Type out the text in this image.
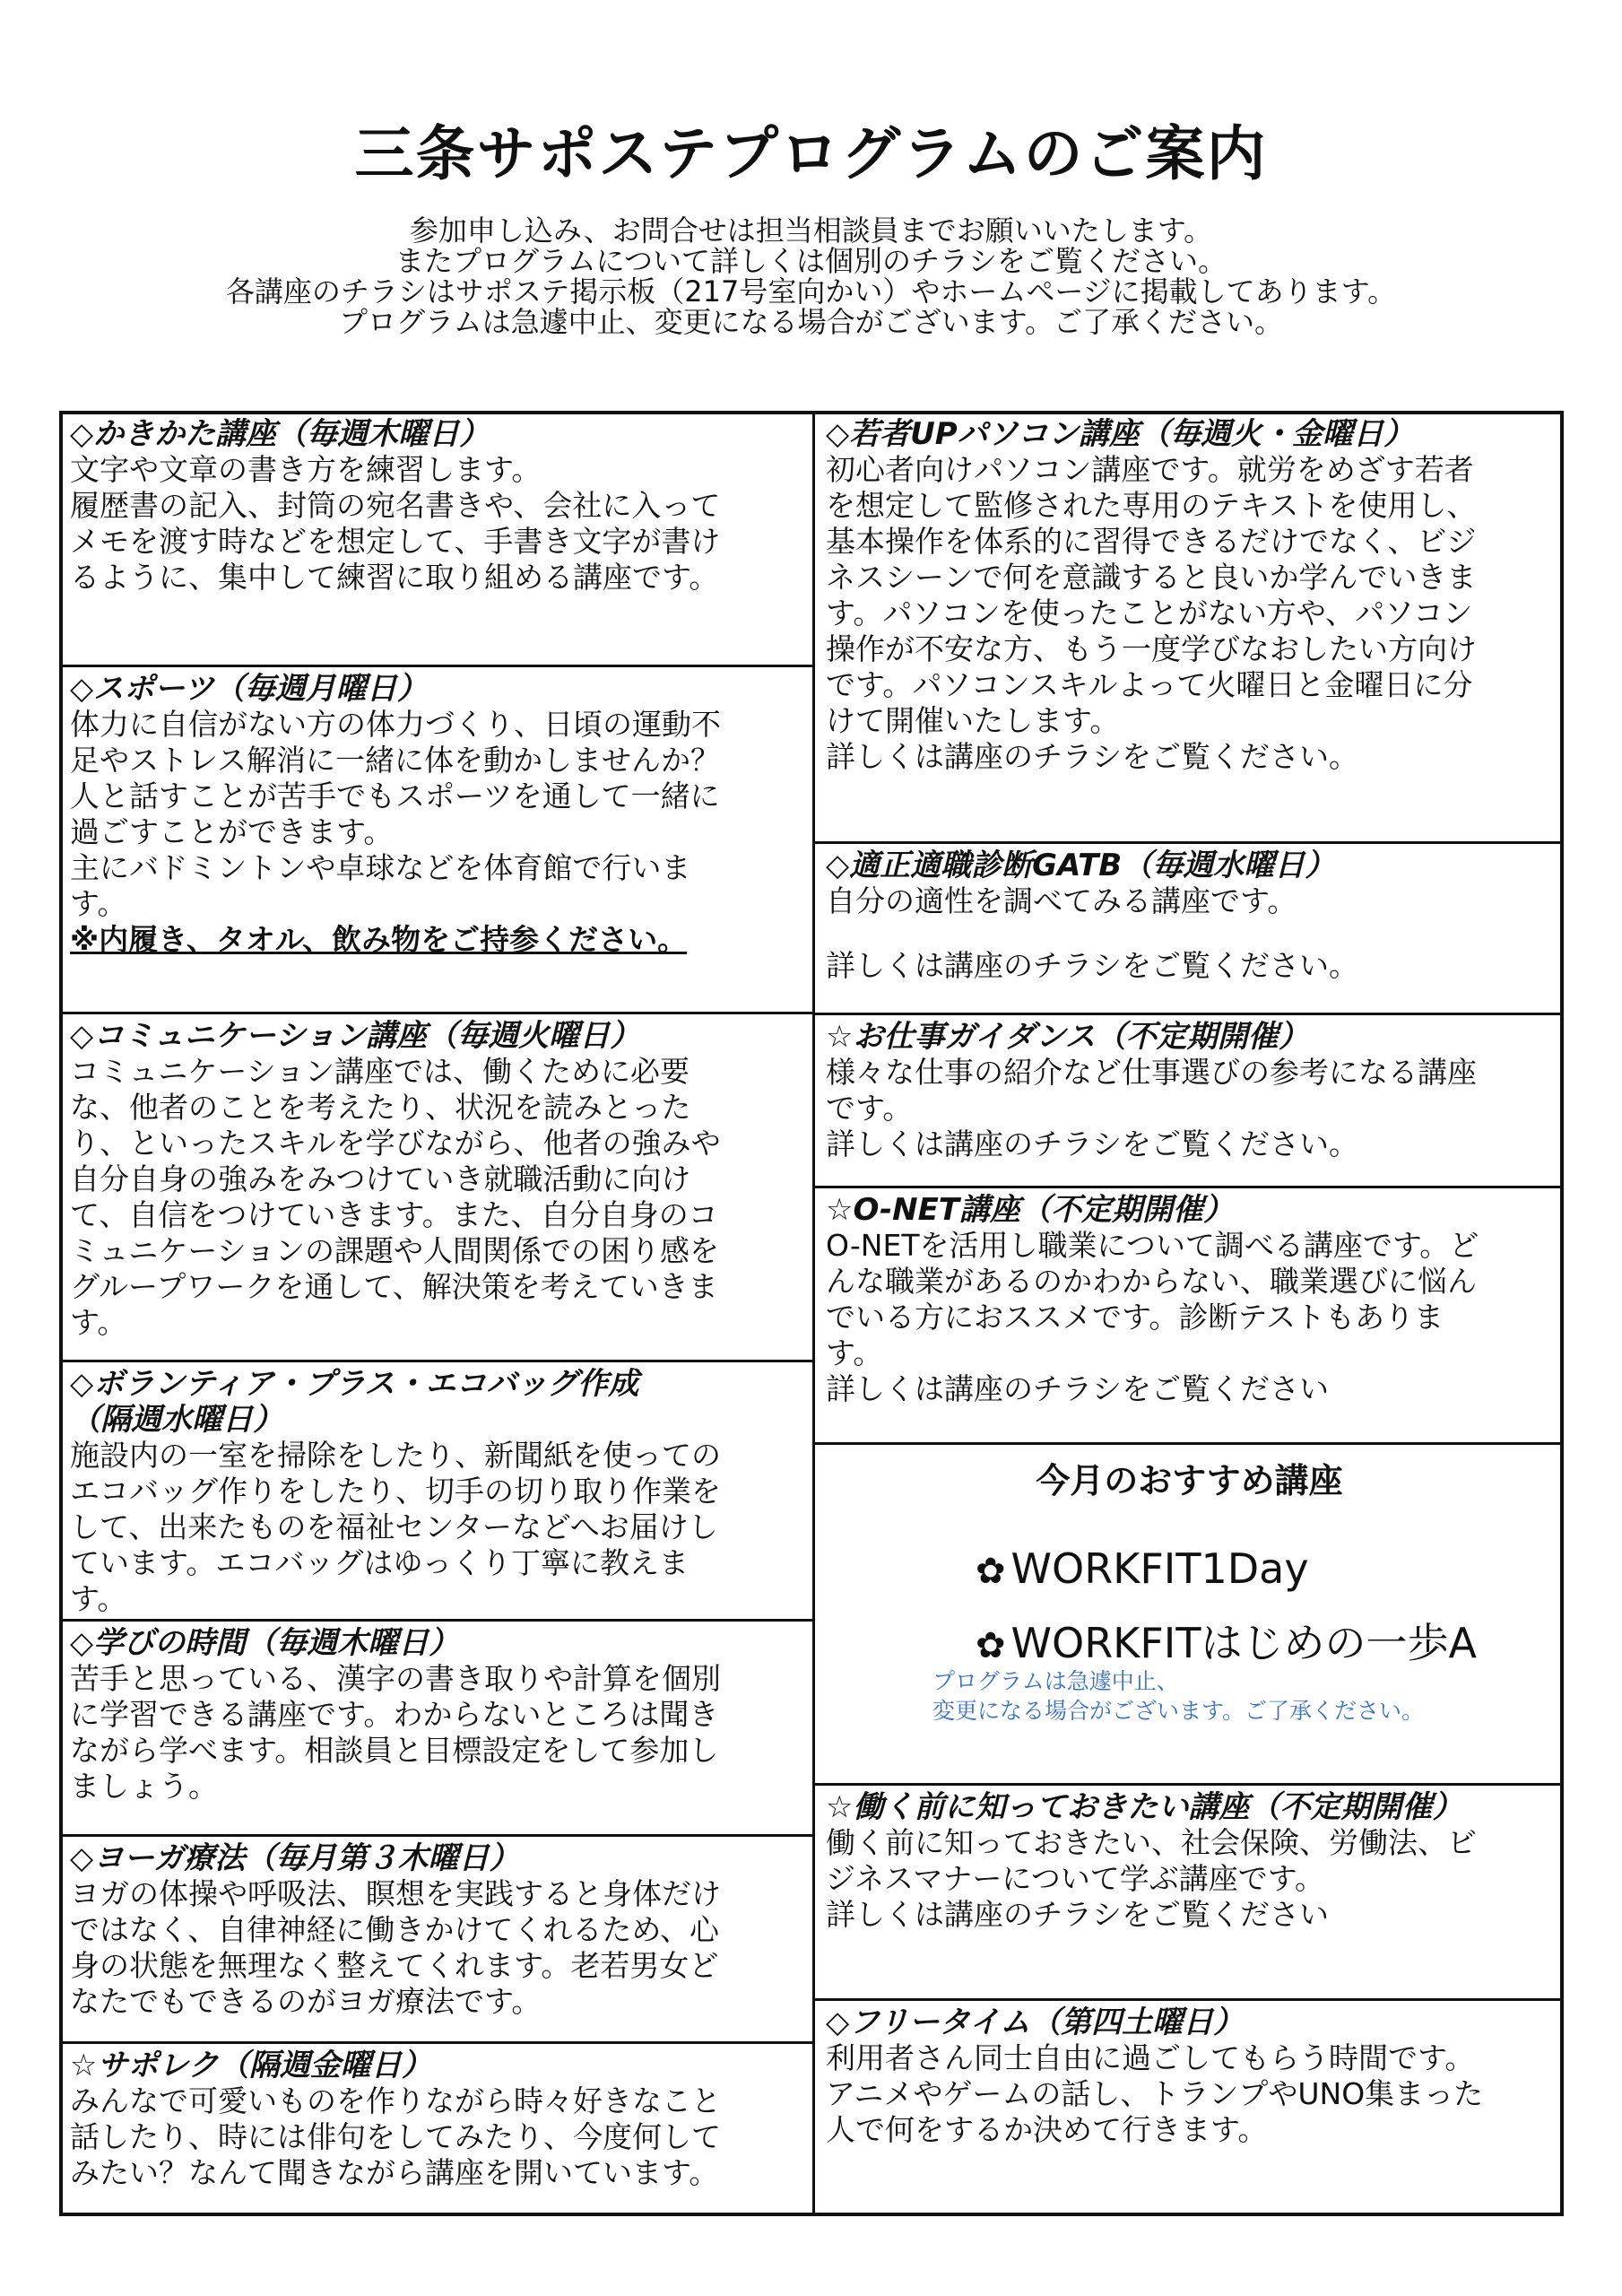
三条サポステプログラムのご案内
参加申し込み、お問合せは担当相談員までお願いいたします。
またプログラムについて詳しくは個別のチラシをご覧ください。
各講座のチラシはサポステ掲示板（217号室向かい）やホームページに掲載してあります。
プログラムは急遽中止、変更になる場合がございます。ご了承ください。
◇かきかた講座（毎週木曜日）
文字や文章の書き方を練習します。
履歴書の記入、封筒の宛名書きや、会社に入って
メモを渡す時などを想定して、手書き文字が書け
るように、集中して練習に取り組める講座です。
◇スポーツ（毎週月曜日）
体力に自信がない方の体力づくり、日頃の運動不
足やストレス解消に一緒に体を動かしませんか？
人と話すことが苦手でもスポーツを通して一緒に
過ごすことができます。
主にバドミントンや卓球などを体育館で行いま
す。
※内履き、タオル、飲み物をご持参ください。
◇コミュニケーション講座（毎週火曜日）
コミュニケーション講座では、働くために必要
な、他者のことを考えたり、状況を読みとった
り、といったスキルを学びながら、他者の強みや
自分自身の強みをみつけていき就職活動に向け
て、自信をつけていきます。また、自分自身のコ
ミュニケーションの課題や人間関係での困り感を
グループワークを通して、解決策を考えていきま
す。
◇ボランティア・プラス・エコバッグ作成
（隔週水曜日）
施設内の一室を掃除をしたり、新聞紙を使っての
エコバッグ作りをしたり、切手の切り取り作業を
して、出来たものを福祉センターなどへお届けし
ています。エコバッグはゆっくり丁寧に教えま
す。
◇学びの時間（毎週木曜日）
苦手と思っている、漢字の書き取りや計算を個別
に学習できる講座です。わからないところは聞き
ながら学べます。相談員と目標設定をして参加し
ましょう。
◇ヨーガ療法（毎月第３木曜日）
ヨガの体操や呼吸法、瞑想を実践すると身体だけ
ではなく、自律神経に働きかけてくれるため、心
身の状態を無理なく整えてくれます。老若男女ど
なたでもできるのがヨガ療法です。
☆サポレク（隔週金曜日）
みんなで可愛いものを作りながら時々好きなこと
話したり、時には俳句をしてみたり、今度何して
みたい？なんて聞きながら講座を開いています。
◇若者UPパソコン講座（毎週火・金曜日）
初心者向けパソコン講座です。就労をめざす若者
を想定して監修された専用のテキストを使用し、
基本操作を体系的に習得できるだけでなく、ビジ
ネスシーンで何を意識すると良いか学んでいきま
す。パソコンを使ったことがない方や、パソコン
操作が不安な方、もう一度学びなおしたい方向け
です。パソコンスキルよって火曜日と金曜日に分
けて開催いたします。
詳しくは講座のチラシをご覧ください。
◇適正適職診断GATB（毎週水曜日）
自分の適性を調べてみる講座です。
詳しくは講座のチラシをご覧ください。
☆お仕事ガイダンス（不定期開催）
様々な仕事の紹介など仕事選びの参考になる講座
です。
詳しくは講座のチラシをご覧ください。
☆O-NET講座（不定期開催）
O-NETを活用し職業について調べる講座です。ど
んな職業があるのかわからない、職業選びに悩ん
でいる方におススメです。診断テストもありま
す。
詳しくは講座のチラシをご覧ください
今月のおすすめ講座
✿ WORKFIT1Day
✿ WORKFITはじめの一歩A
プログラムは急遽中止、
変更になる場合がございます。ご了承ください。
☆働く前に知っておきたい講座（不定期開催）
働く前に知っておきたい、社会保険、労働法、ビ
ジネスマナーについて学ぶ講座です。
詳しくは講座のチラシをご覧ください
◇フリータイム（第四土曜日）
利用者さん同士自由に過ごしてもらう時間です。
アニメやゲームの話し、トランプやUNO集まった
人で何をするか決めて行きます。
